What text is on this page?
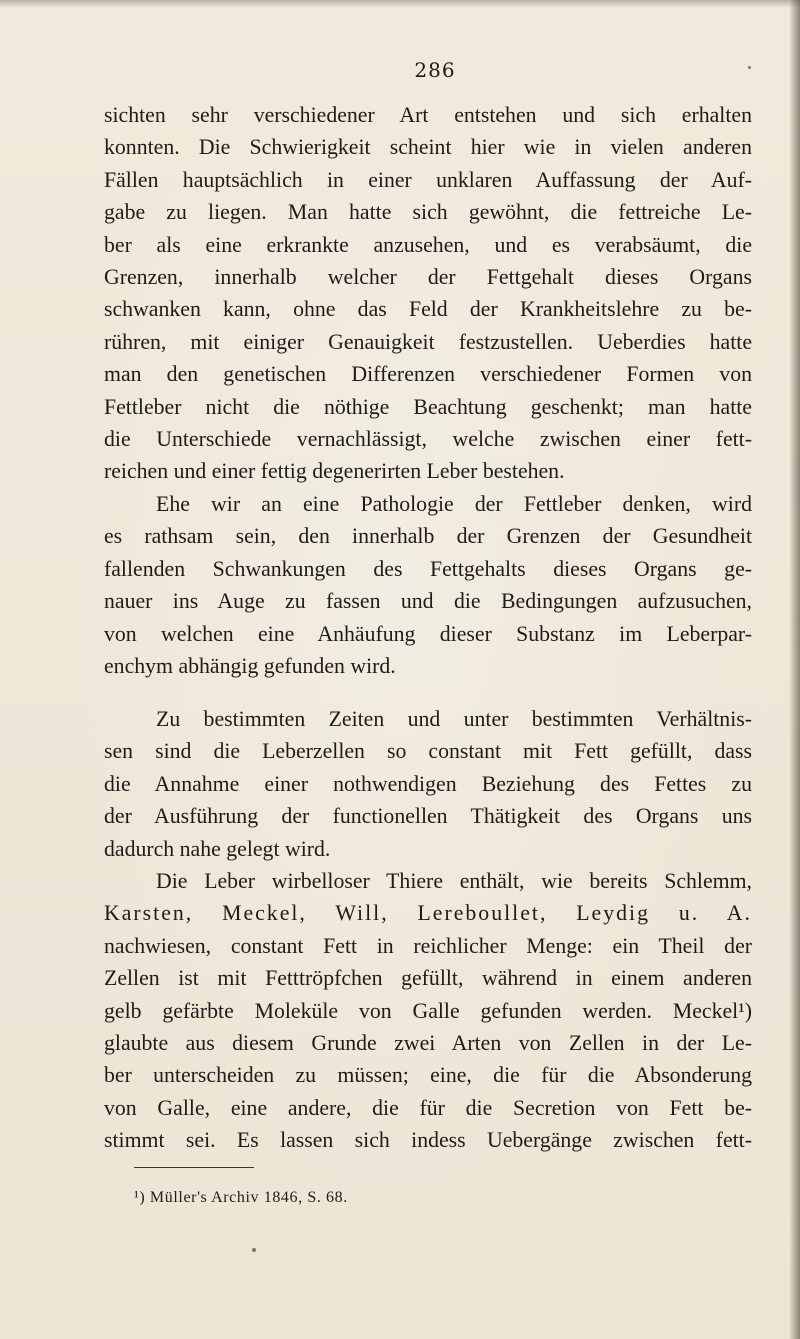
286
sichten sehr verschiedener Art entstehen und sich erhalten
konnten. Die Schwierigkeit scheint hier wie in vielen anderen
Fällen hauptsächlich in einer unklaren Auffassung der Auf-
gabe zu liegen. Man hatte sich gewöhnt, die fettreiche Le-
ber als eine erkrankte anzusehen, und es verabsäumt, die
Grenzen, innerhalb welcher der Fettgehalt dieses Organs
schwanken kann, ohne das Feld der Krankheitslehre zu be-
rühren, mit einiger Genauigkeit festzustellen. Ueberdies hatte
man den genetischen Differenzen verschiedener Formen von
Fettleber nicht die nöthige Beachtung geschenkt; man hatte
die Unterschiede vernachlässigt, welche zwischen einer fett-
reichen und einer fettig degenerirten Leber bestehen.
Ehe wir an eine Pathologie der Fettleber denken, wird
es rathsam sein, den innerhalb der Grenzen der Gesundheit
fallenden Schwankungen des Fettgehalts dieses Organs ge-
nauer ins Auge zu fassen und die Bedingungen aufzusuchen,
von welchen eine Anhäufung dieser Substanz im Leberpar-
enchym abhängig gefunden wird.
Zu bestimmten Zeiten und unter bestimmten Verhältnis-
sen sind die Leberzellen so constant mit Fett gefüllt, dass
die Annahme einer nothwendigen Beziehung des Fettes zu
der Ausführung der functionellen Thätigkeit des Organs uns
dadurch nahe gelegt wird.
Die Leber wirbelloser Thiere enthält, wie bereits Schlemm,
Karsten, Meckel, Will, Lereboullet, Leydig u. A.
nachwiesen, constant Fett in reichlicher Menge: ein Theil der
Zellen ist mit Fetttröpfchen gefüllt, während in einem anderen
gelb gefärbte Moleküle von Galle gefunden werden. Meckel¹)
glaubte aus diesem Grunde zwei Arten von Zellen in der Le-
ber unterscheiden zu müssen; eine, die für die Absonderung
von Galle, eine andere, die für die Secretion von Fett be-
stimmt sei. Es lassen sich indess Uebergänge zwischen fett-
¹) Müller's Archiv 1846, S. 68.
